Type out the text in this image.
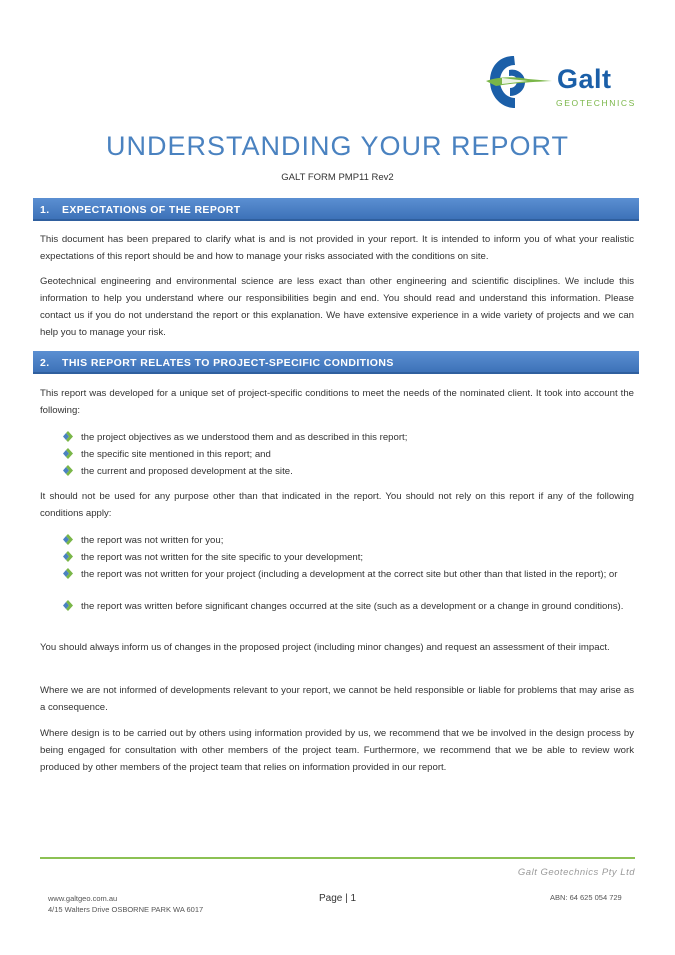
Galt
GEOTECHNICS
UNDERSTANDING YOUR REPORT
GALT FORM PMP11 Rev2
1. EXPECTATIONS OF THE REPORT

This document has been prepared to clarify what is and is not provided in your report. It is intended to inform you of what your realistic expectations of this report should be and how to manage your risks associated with the conditions on site.

Geotechnical engineering and environmental science are less exact than other engineering and scientific disciplines. We include this information to help you understand where our responsibilities begin and end. You should read and understand this information. Please contact us if you do not understand the report or this explanation. We have extensive experience in a wide variety of projects and we can help you to manage your risk.

2. THIS REPORT RELATES TO PROJECT-SPECIFIC CONDITIONS

This report was developed for a unique set of project-specific conditions to meet the needs of the nominated client. It took into account the following:

the project objectives as we understood them and as described in this report;
the specific site mentioned in this report; and
the current and proposed development at the site.

It should not be used for any purpose other than that indicated in the report. You should not rely on this report if any of the following conditions apply:

the report was not written for you;
the report was not written for the site specific to your development;
the report was not written for your project (including a development at the correct site but other than that listed in the report); or
the report was written before significant changes occurred at the site (such as a development or a change in ground conditions).

You should always inform us of changes in the proposed project (including minor changes) and request an assessment of their impact.

Where we are not informed of developments relevant to your report, we cannot be held responsible or liable for problems that may arise as a consequence.

Where design is to be carried out by others using information provided by us, we recommend that we be involved in the design process by being engaged for consultation with other members of the project team. Furthermore, we recommend that we be able to review work produced by other members of the project team that relies on information provided in our report.

Galt Geotechnics Pty Ltd
www.galtgeo.com.au
4/15 Walters Drive OSBORNE PARK WA 6017
Page | 1	ABN: 64 625 054 729
